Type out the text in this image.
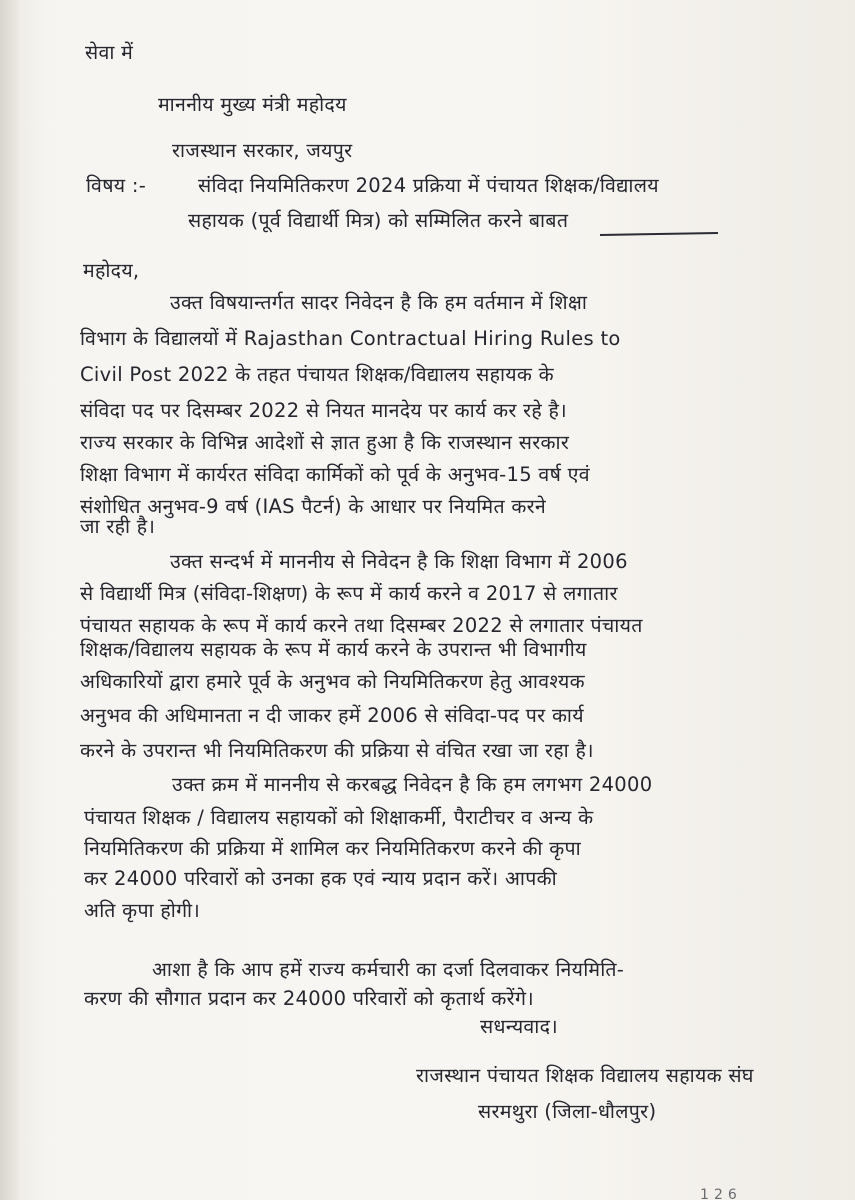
सेवा में
माननीय मुख्य मंत्री महोदय
राजस्थान सरकार, जयपुर
विषय :-	संविदा नियमितिकरण 2024 प्रक्रिया में पंचायत शिक्षक/विद्यालय
सहायक (पूर्व विद्यार्थी मित्र) को सम्मिलित करने बाबत
महोदय,
उक्त विषयान्तर्गत सादर निवेदन है कि हम वर्तमान में शिक्षा
विभाग के विद्यालयों में Rajasthan Contractual Hiring Rules to
Civil Post 2022 के तहत पंचायत शिक्षक/विद्यालय सहायक के
संविदा पद पर दिसम्बर 2022 से नियत मानदेय पर कार्य कर रहे है।
राज्य सरकार के विभिन्न आदेशों से ज्ञात हुआ है कि राजस्थान सरकार
शिक्षा विभाग में कार्यरत संविदा कार्मिकों को पूर्व के अनुभव-15 वर्ष एवं
संशोधित अनुभव-9 वर्ष (IAS पैटर्न) के आधार पर नियमित करने
जा रही है।
उक्त सन्दर्भ में माननीय से निवेदन है कि शिक्षा विभाग में 2006
से विद्यार्थी मित्र (संविदा-शिक्षण) के रूप में कार्य करने व 2017 से लगातार
पंचायत सहायक के रूप में कार्य करने तथा दिसम्बर 2022 से लगातार पंचायत
शिक्षक/विद्यालय सहायक के रूप में कार्य करने के उपरान्त भी विभागीय
अधिकारियों द्वारा हमारे पूर्व के अनुभव को नियमितिकरण हेतु आवश्यक
अनुभव की अधिमानता न दी जाकर हमें 2006 से संविदा-पद पर कार्य
करने के उपरान्त भी नियमितिकरण की प्रक्रिया से वंचित रखा जा रहा है।
उक्त क्रम में माननीय से करबद्ध निवेदन है कि हम लगभग 24000
पंचायत शिक्षक / विद्यालय सहायकों को शिक्षाकर्मी, पैराटीचर व अन्य के
नियमितिकरण की प्रक्रिया में शामिल कर नियमितिकरण करने की कृपा
कर 24000 परिवारों को उनका हक एवं न्याय प्रदान करें। आपकी
अति कृपा होगी।
आशा है कि आप हमें राज्य कर्मचारी का दर्जा दिलवाकर नियमिति-
करण की सौगात प्रदान कर 24000 परिवारों को कृतार्थ करेंगे।
सधन्यवाद।
राजस्थान पंचायत शिक्षक विद्यालय सहायक संघ
सरमथुरा (जिला-धौलपुर)
1 2 6
